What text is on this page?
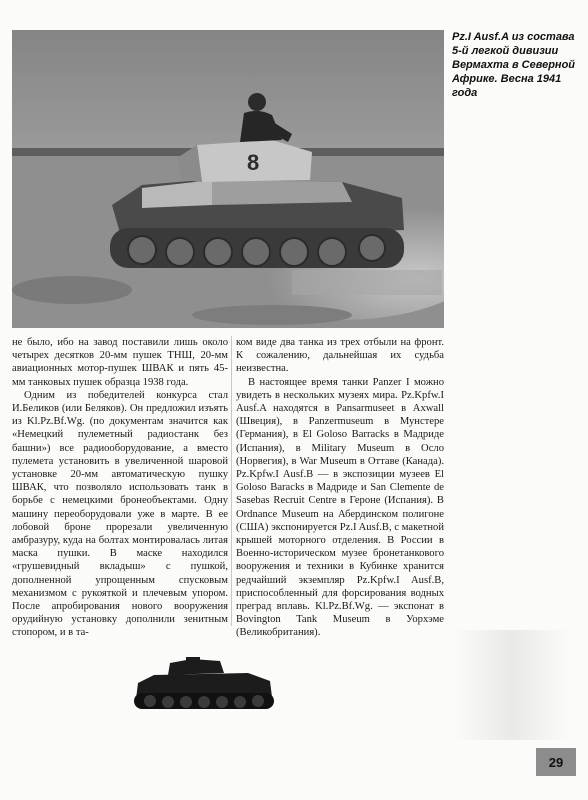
8

Pz.I Ausf.A из состава 5-й легкой дивизии Вермахта в Северной Африке. Весна 1941 года

не было, ибо на завод поставили лишь около четырех десятков 20-мм пушек ТНШ, 20-мм авиационных мотор-пушек ШВАК и пять 45-мм танковых пушек образца 1938 года.

Одним из победителей конкурса стал И.Беликов (или Беляков). Он предложил изъять из Kl.Pz.Bf.Wg. (по документам значится как «Немецкий пулеметный радиостанк без башни») все радиооборудование, а вместо пулемета установить в увеличенной шаровой установке 20-мм автоматическую пушку ШВАК, что позволяло использовать танк в борьбе с немецкими бронеобъектами. Одну машину переоборудовали уже в марте. В ее лобовой броне прорезали увеличенную амбразуру, куда на болтах монтировалась литая маска пушки. В маске находился «грушевидный вкладыш» с пушкой, дополненной упрощенным спусковым механизмом с рукояткой и плечевым упором. После апробирования нового вооружения орудийную установку дополнили зенитным стопором, и в та-

ком виде два танка из трех отбыли на фронт. К сожалению, дальнейшая их судьба неизвестна.

В настоящее время танки Panzer I можно увидеть в нескольких музеях мира. Pz.Kpfw.I Ausf.A находятся в Pansarmuseet в Axwall (Швеция), в Panzermuseum в Мунстере (Германия), в El Goloso Barracks в Мадриде (Испания), в Military Museum в Осло (Норвегия), в War Museum в Оттаве (Канада). Pz.Kpfw.I Ausf.B — в экспозиции музеев El Goloso Baracks в Мадриде и San Clemente de Sasebas Recruit Centre в Героне (Испания). В Ordnance Museum на Абердинском полигоне (США) экспонируется Pz.I Ausf.B, с макетной крышей моторного отделения. В России в Военно-историческом музее бронетанкового вооружения и техники в Кубинке хранится редчайший экземпляр Pz.Kpfw.I Ausf.B, приспособленный для форсирования водных преград вплавь. Kl.Pz.Bf.Wg. — экспонат в Bovington Tank Museum в Уорхэме (Великобритания).

29
